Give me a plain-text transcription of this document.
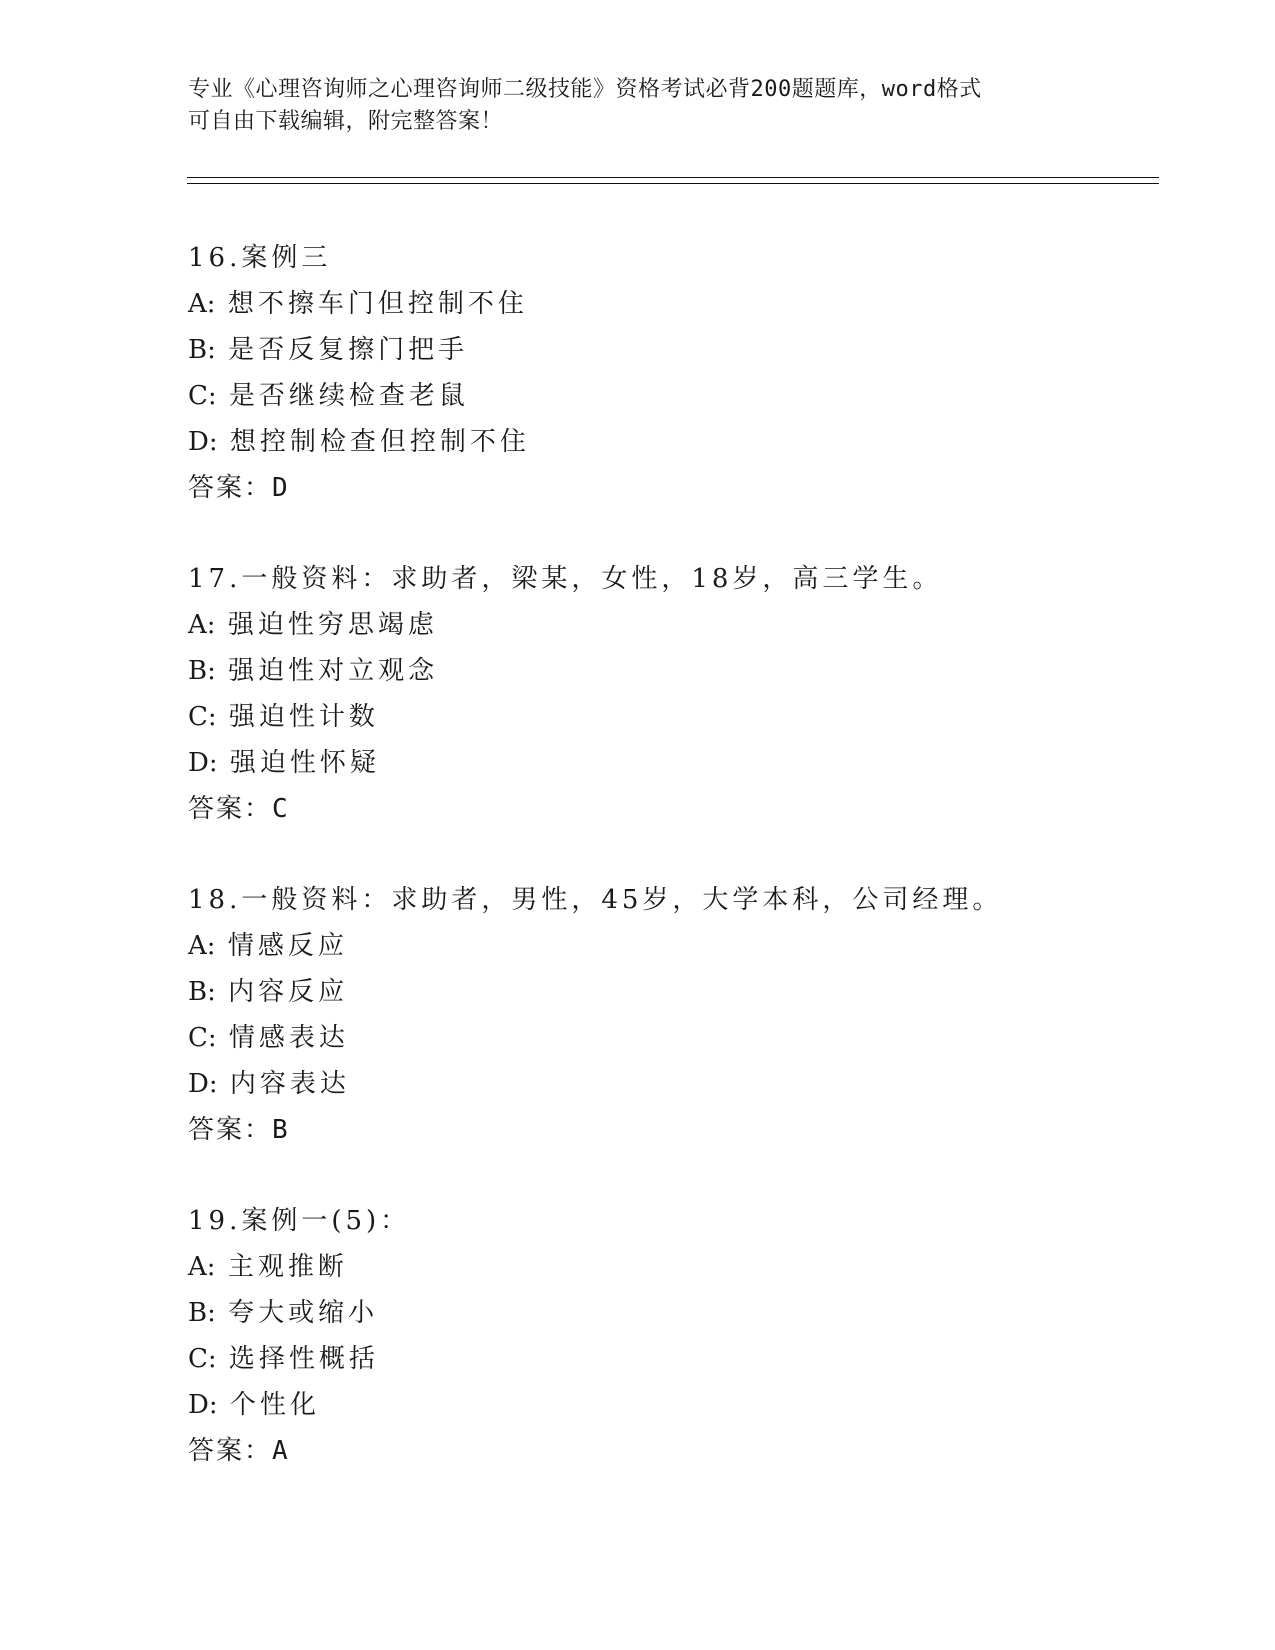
专业《心理咨询师之心理咨询师二级技能》资格考试必背200题题库，word格式
可自由下载编辑，附完整答案！
16.案例三
A: 想不擦车门但控制不住
B: 是否反复擦门把手
C: 是否继续检查老鼠
D: 想控制检查但控制不住
答案：D
17.一般资料：求助者，梁某，女性，18岁，高三学生。
A: 强迫性穷思竭虑
B: 强迫性对立观念
C: 强迫性计数
D: 强迫性怀疑
答案：C
18.一般资料：求助者，男性，45岁，大学本科，公司经理。
A: 情感反应
B: 内容反应
C: 情感表达
D: 内容表达
答案：B
19.案例一(5)：
A: 主观推断
B: 夸大或缩小
C: 选择性概括
D: 个性化
答案：A
